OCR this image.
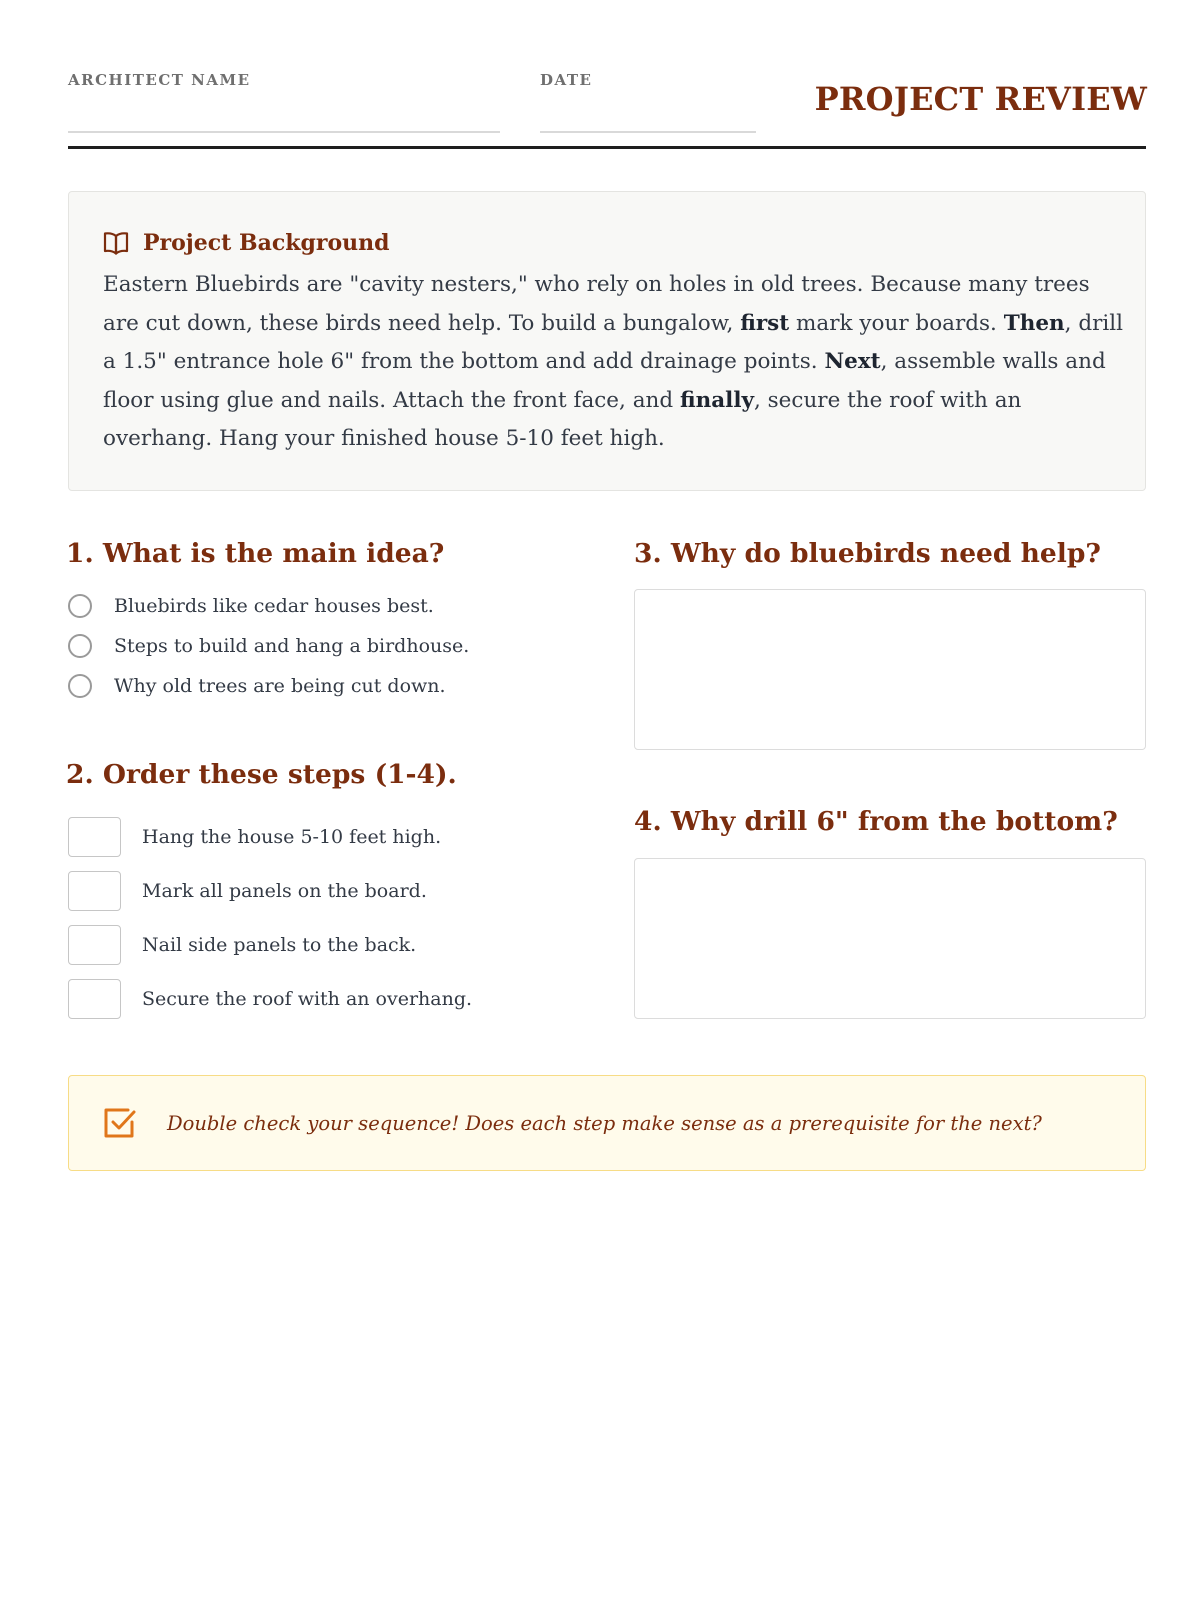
ARCHITECT NAME	DATE	PROJECT REVIEW
Project Background
Eastern Bluebirds are "cavity nesters," who rely on holes in old trees. Because many trees are cut down, these birds need help. To build a bungalow, first mark your boards. Then, drill a 1.5" entrance hole 6" from the bottom and add drainage points. Next, assemble walls and floor using glue and nails. Attach the front face, and finally, secure the roof with an overhang. Hang your finished house 5-10 feet high.
1. What is the main idea?
Bluebirds like cedar houses best.
Steps to build and hang a birdhouse.
Why old trees are being cut down.
2. Order these steps (1-4).
Hang the house 5-10 feet high.
Mark all panels on the board.
Nail side panels to the back.
Secure the roof with an overhang.
3. Why do bluebirds need help?
4. Why drill 6" from the bottom?
Double check your sequence! Does each step make sense as a prerequisite for the next?
